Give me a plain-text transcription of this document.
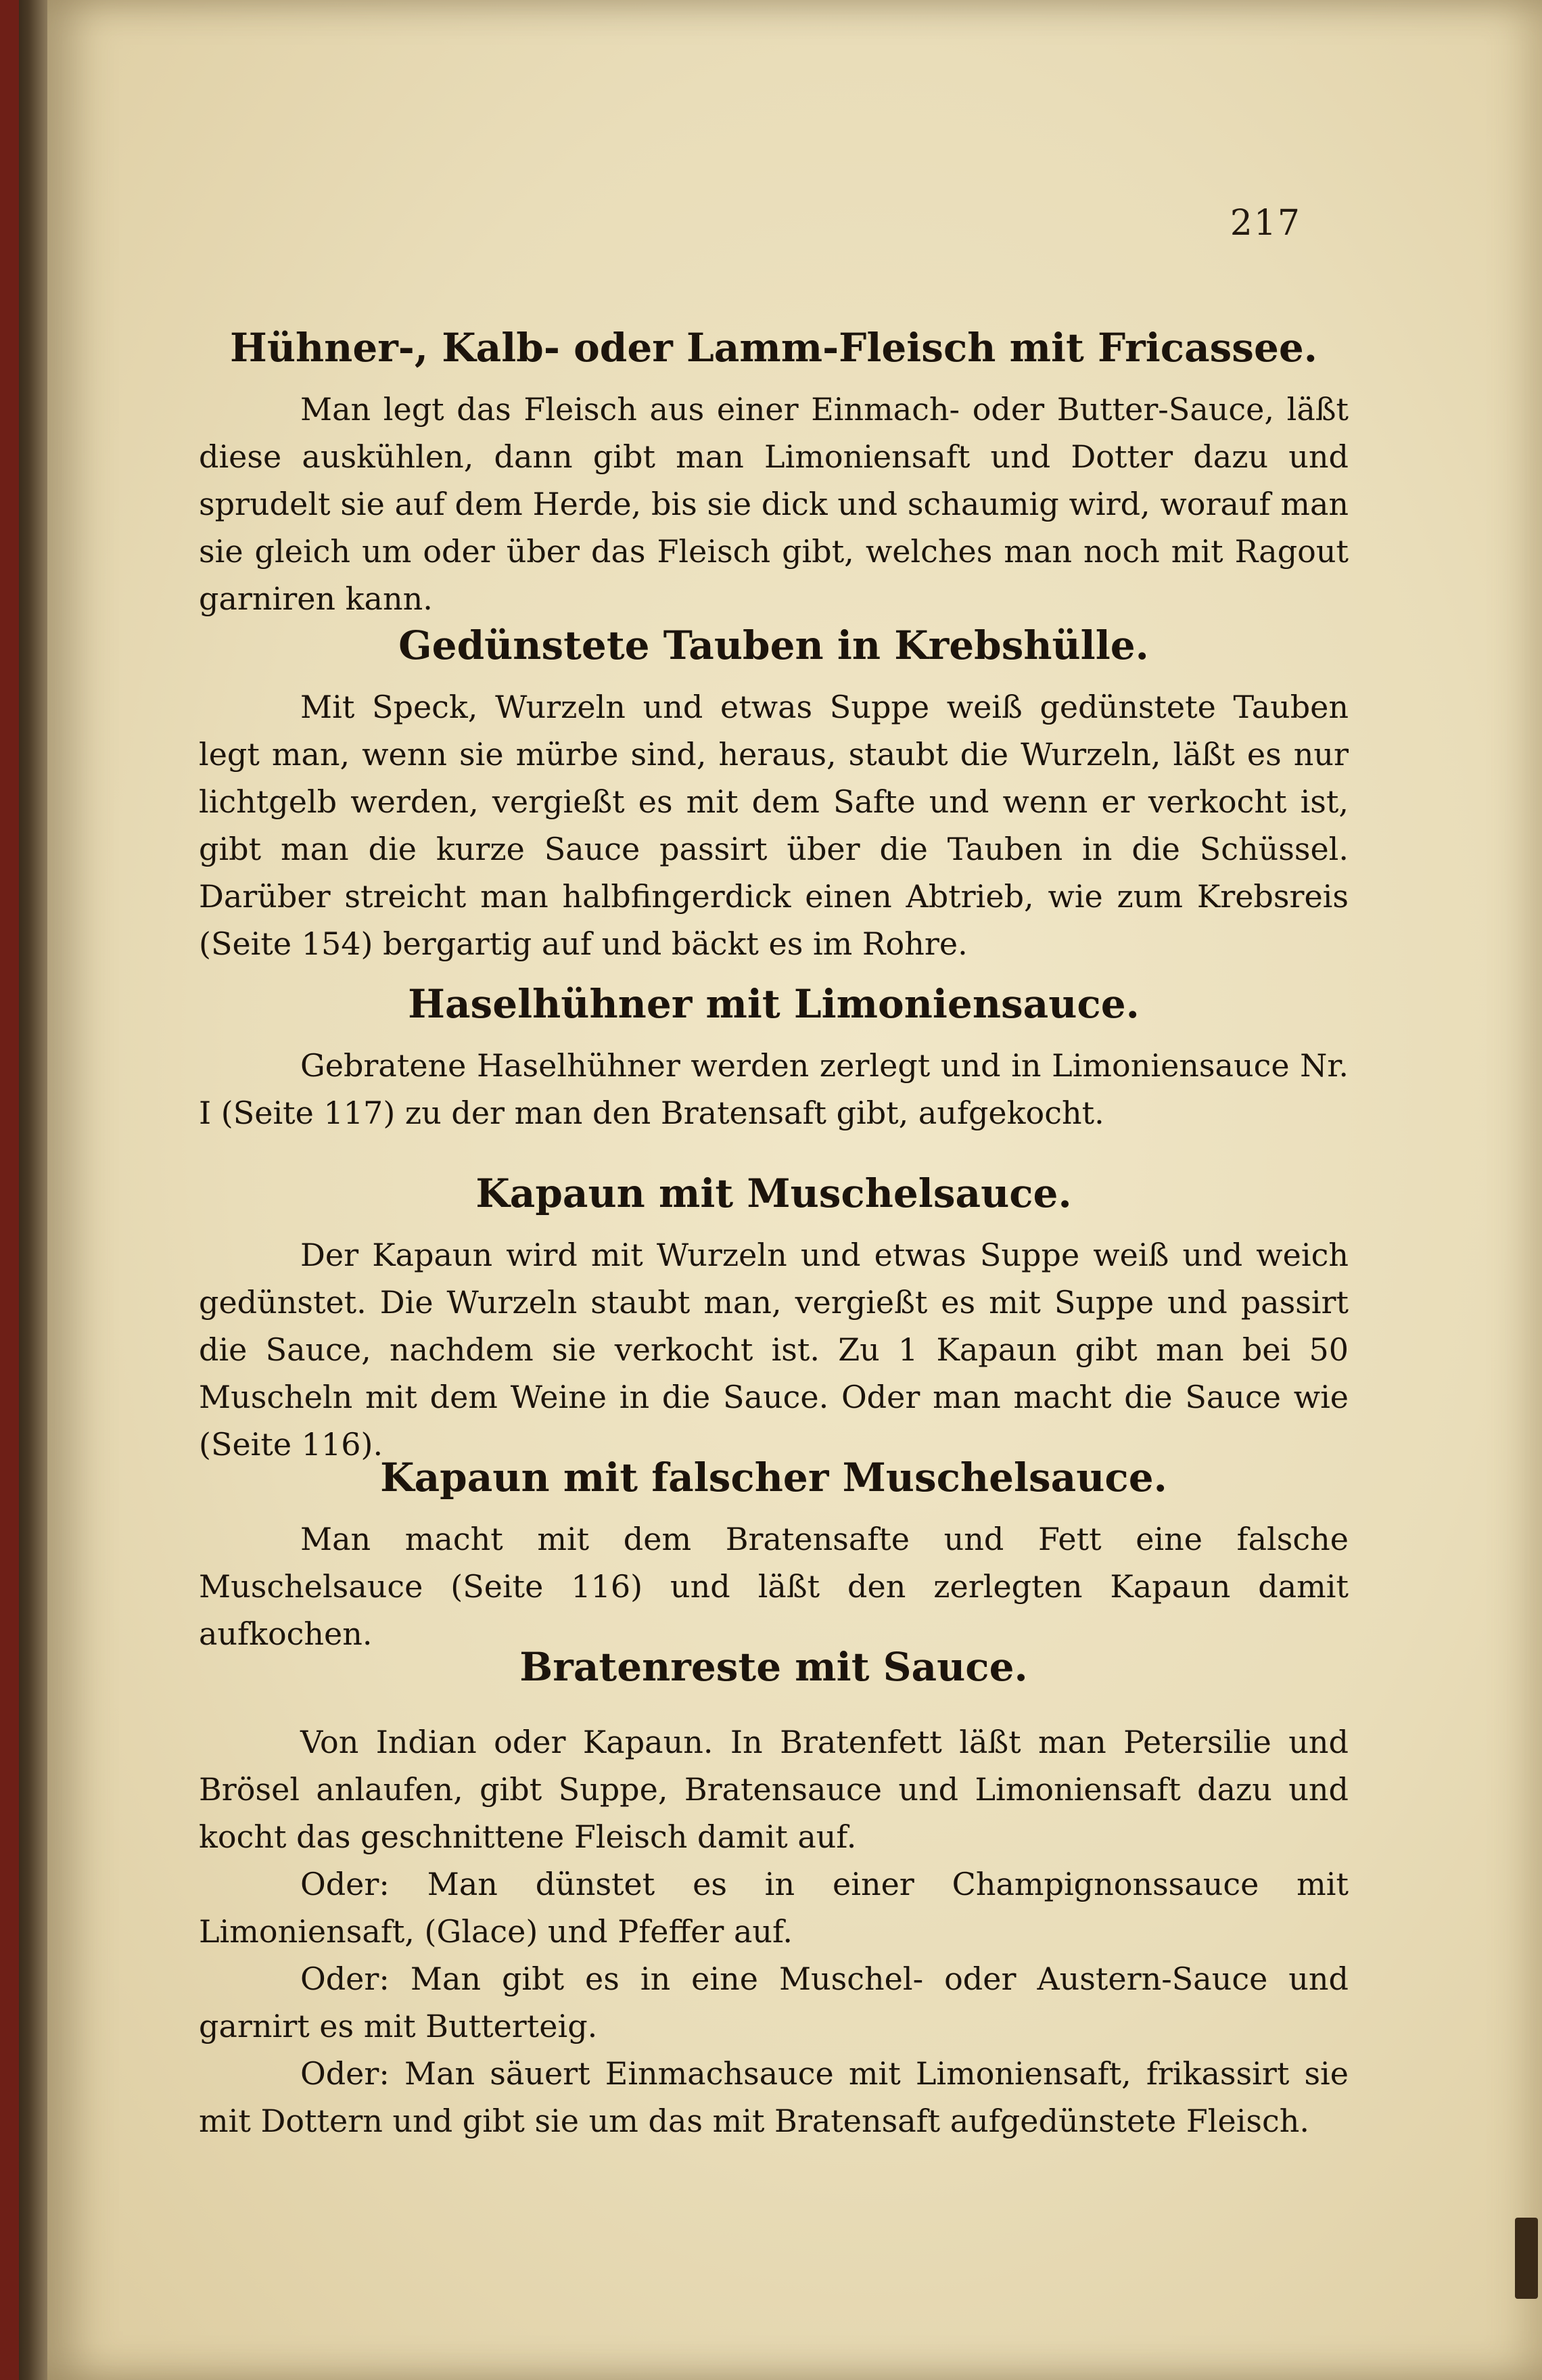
217
Hühner-, Kalb- oder Lamm-Fleisch mit Fricassee.

Man legt das Fleisch aus einer Einmach- oder Butter-Sauce, läßt diese auskühlen, dann gibt man Limoniensaft und Dotter dazu und sprudelt sie auf dem Herde, bis sie dick und schaumig wird, worauf man sie gleich um oder über das Fleisch gibt, welches man noch mit Ragout garniren kann.

Gedünstete Tauben in Krebshülle.

Mit Speck, Wurzeln und etwas Suppe weiß gedünstete Tauben legt man, wenn sie mürbe sind, heraus, staubt die Wurzeln, läßt es nur lichtgelb werden, vergießt es mit dem Safte und wenn er verkocht ist, gibt man die kurze Sauce passirt über die Tauben in die Schüssel. Darüber streicht man halbfingerdick einen Abtrieb, wie zum Krebsreis (Seite 154) bergartig auf und bäckt es im Rohre.

Haselhühner mit Limoniensauce.

Gebratene Haselhühner werden zerlegt und in Limoniensauce Nr. I (Seite 117) zu der man den Bratensaft gibt, aufgekocht.

Kapaun mit Muschelsauce.

Der Kapaun wird mit Wurzeln und etwas Suppe weiß und weich gedünstet. Die Wurzeln staubt man, vergießt es mit Suppe und passirt die Sauce, nachdem sie verkocht ist. Zu 1 Kapaun gibt man bei 50 Muscheln mit dem Weine in die Sauce. Oder man macht die Sauce wie (Seite 116).

Kapaun mit falscher Muschelsauce.

Man macht mit dem Bratensafte und Fett eine falsche Muschelsauce (Seite 116) und läßt den zerlegten Kapaun damit aufkochen.

Bratenreste mit Sauce.

Von Indian oder Kapaun. In Bratenfett läßt man Petersilie und Brösel anlaufen, gibt Suppe, Bratensauce und Limoniensaft dazu und kocht das geschnittene Fleisch damit auf.

Oder: Man dünstet es in einer Champignonssauce mit Limoniensaft, (Glace) und Pfeffer auf.

Oder: Man gibt es in eine Muschel- oder Austern-Sauce und garnirt es mit Butterteig.

Oder: Man säuert Einmachsauce mit Limoniensaft, frikassirt sie mit Dottern und gibt sie um das mit Bratensaft aufgedünstete Fleisch.
